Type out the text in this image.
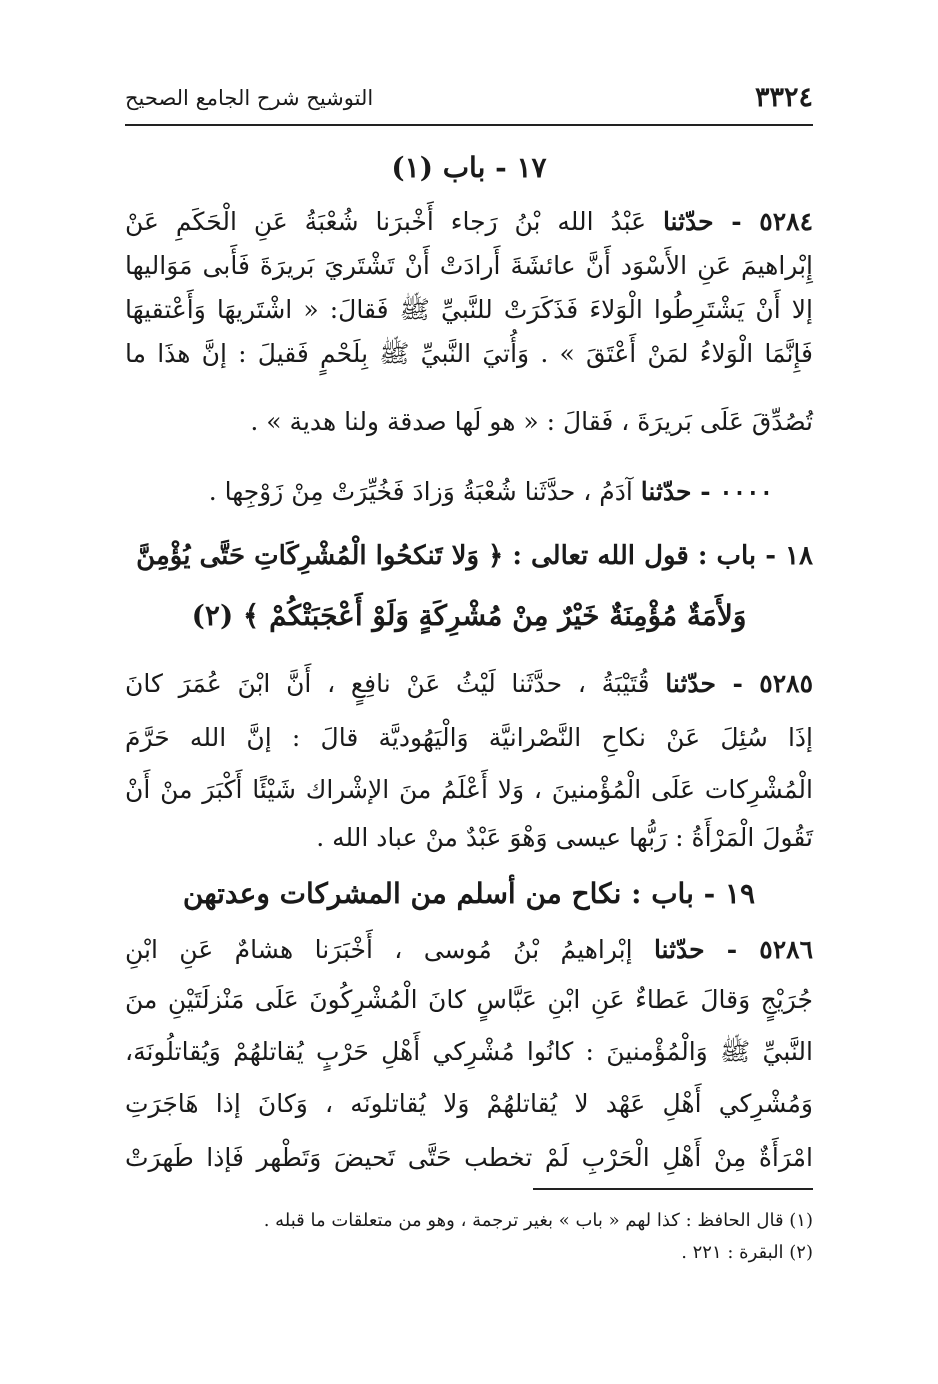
٣٣٢٤
التوشيح شرح الجامع الصحيح
١٧ - باب (١)
٥٢٨٤ - حدّثنا عَبْدُ الله بْنُ رَجاء أَخْبرَنا شُعْبَةُ عَنِ الْحَكَمِ عَنْ
إِبْراهيمَ عَنِ الأَسْوَد أَنَّ عائشَةَ أَرادَتْ أَنْ تَشْتَريَ بَريرَةَ فَأَبى مَوَاليها
إلا أَنْ يَشْتَرِطُوا الْوَلاءَ فَذَكَرَتْ للنَّبيِّ ﷺ فَقالَ: « اشْتَريهَا وَأَعْتقيهَا
فَإِنَّمَا الْوَلاءُ لمَنْ أَعْتَقَ » . وَأُتيَ النَّبيِّ ﷺ بِلَحْمٍ فَقيلَ : إنَّ هذَا ما
تُصُدِّقَ عَلَى بَريرَةَ ، فَقالَ : « هو لَها صدقة ولنا هدية » .
٠٠٠٠ - حدّثنا آدَمُ ، حدَّثَنا شُعْبَةُ وَزادَ فَخُيِّرَتْ مِنْ زَوْجِها .
١٨ - باب : قول الله تعالى : ﴿ وَلا تَنكحُوا الْمُشْرِكَاتِ حَتَّى يُؤْمِنَّ
وَلأَمَةٌ مُؤْمِنَةٌ خَيْرٌ مِنْ مُشْرِكَةٍ وَلَوْ أَعْجَبَتْكُمْ ﴾ (٢)
٥٢٨٥ - حدّثنا قُتَيْبَةُ ، حدَّثَنا لَيْثُ عَنْ نافِعٍ ، أَنَّ ابْنَ عُمَرَ كانَ
إذَا سُئِلَ عَنْ نكاحِ النَّصْرانيَّة وَالْيَهُوديَّة قالَ : إنَّ الله حَرَّمَ
الْمُشْرِكات عَلَى الْمُؤْمنينَ ، وَلا أَعْلَمُ منَ الإشْراك شَيْئًا أَكْبَرَ منْ أَنْ
تَقُولَ الْمَرْأَةُ : رَبُّها عيسى وَهْوَ عَبْدٌ منْ عباد الله .
١٩ - باب : نكاح من أسلم من المشركات وعدتهن
٥٢٨٦ - حدّثنا إبْراهيمُ بْنُ مُوسى ، أَخْبَرَنا هشامٌ عَنِ ابْنِ
جُرَيْجٍ وَقالَ عَطاءٌ عَنِ ابْنِ عَبَّاسٍ كانَ الْمُشْرِكُونَ عَلَى مَنْزلَتَيْنِ منَ
النَّبيِّ ﷺ وَالْمُؤْمنينَ : كانُوا مُشْرِكي أَهْلِ حَرْبٍ يُقاتلهُمْ وَيُقاتلُونَهَ،
وَمُشْرِكي أَهْلِ عَهْد لا يُقاتلهُمْ وَلا يُقاتلونَه ، وَكانَ إذا هَاجَرَتِ
امْرَأَةٌ مِنْ أَهْلِ الْحَرْبِ لَمْ تخطب حَتَّى تَحيضَ وَتَطْهر فَإذا طَهرَتْ
(١) قال الحافظ : كذا لهم « باب » بغير ترجمة ، وهو من متعلقات ما قبله .
(٢) البقرة : ٢٢١ .
